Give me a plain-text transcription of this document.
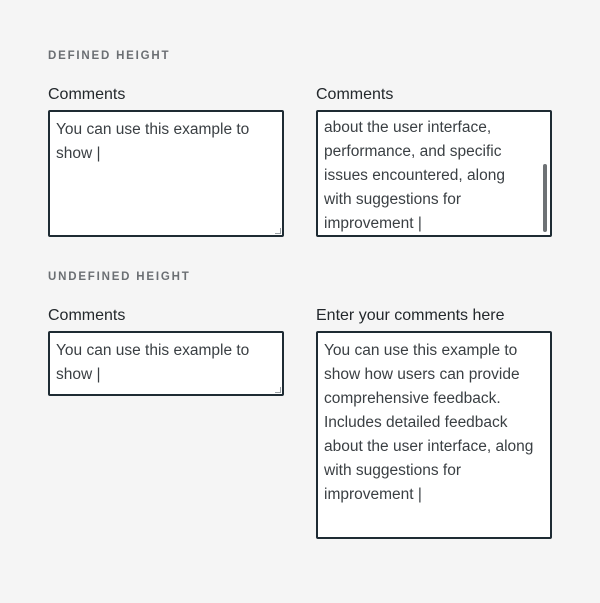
DEFINED HEIGHT
Comments
You can use this example to show |
Comments
about the user interface, performance, and specific issues encountered, along with suggestions for improvement |
UNDEFINED HEIGHT
Comments
You can use this example to show |
Enter your comments here
You can use this example to show how users can provide comprehensive feedback. Includes detailed feedback about the user interface, along with suggestions for improvement |
